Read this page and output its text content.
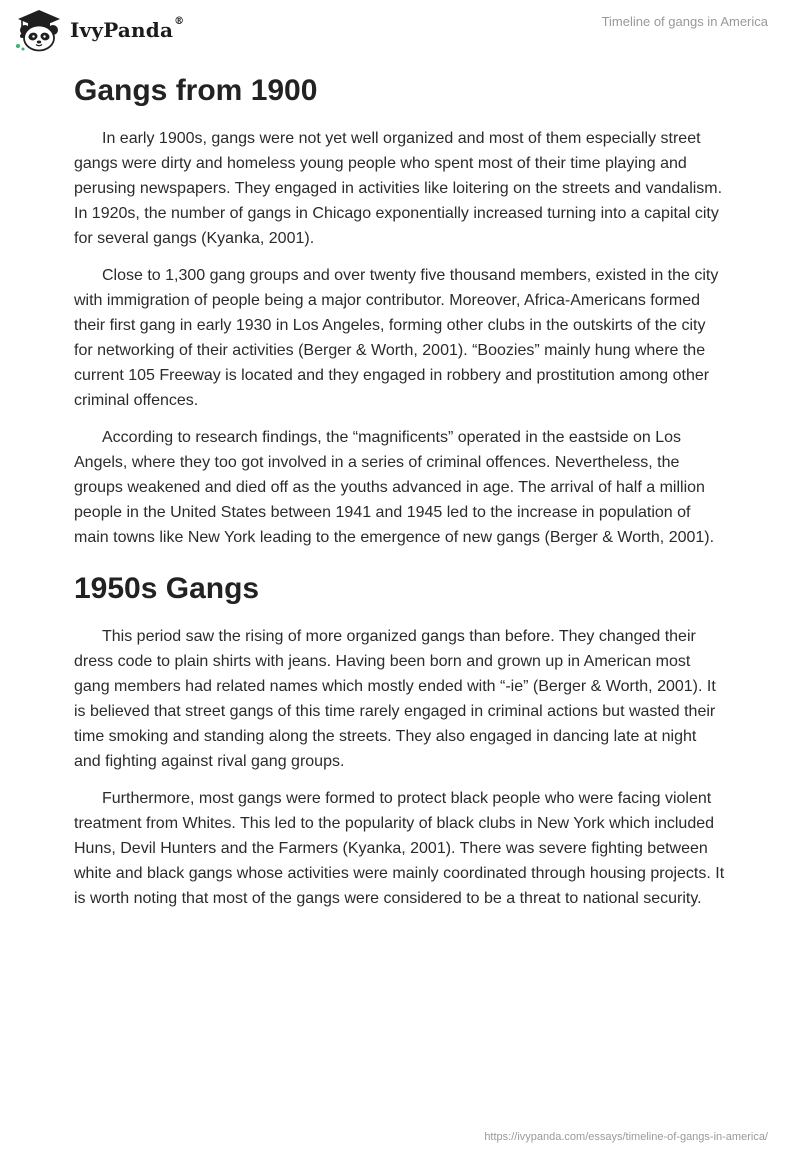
IvyPanda®	Timeline of gangs in America
Gangs from 1900

In early 1900s, gangs were not yet well organized and most of them especially street gangs were dirty and homeless young people who spent most of their time playing and perusing newspapers. They engaged in activities like loitering on the streets and vandalism. In 1920s, the number of gangs in Chicago exponentially increased turning into a capital city for several gangs (Kyanka, 2001).

Close to 1,300 gang groups and over twenty five thousand members, existed in the city with immigration of people being a major contributor. Moreover, Africa-Americans formed their first gang in early 1930 in Los Angeles, forming other clubs in the outskirts of the city for networking of their activities (Berger & Worth, 2001). “Boozies” mainly hung where the current 105 Freeway is located and they engaged in robbery and prostitution among other criminal offences.

According to research findings, the “magnificents” operated in the eastside on Los Angels, where they too got involved in a series of criminal offences. Nevertheless, the groups weakened and died off as the youths advanced in age. The arrival of half a million people in the United States between 1941 and 1945 led to the increase in population of main towns like New York leading to the emergence of new gangs (Berger & Worth, 2001).

1950s Gangs

This period saw the rising of more organized gangs than before. They changed their dress code to plain shirts with jeans. Having been born and grown up in American most gang members had related names which mostly ended with “-ie” (Berger & Worth, 2001). It is believed that street gangs of this time rarely engaged in criminal actions but wasted their time smoking and standing along the streets. They also engaged in dancing late at night and fighting against rival gang groups.

Furthermore, most gangs were formed to protect black people who were facing violent treatment from Whites. This led to the popularity of black clubs in New York which included Huns, Devil Hunters and the Farmers (Kyanka, 2001). There was severe fighting between white and black gangs whose activities were mainly coordinated through housing projects. It is worth noting that most of the gangs were considered to be a threat to national security.

https://ivypanda.com/essays/timeline-of-gangs-in-america/
